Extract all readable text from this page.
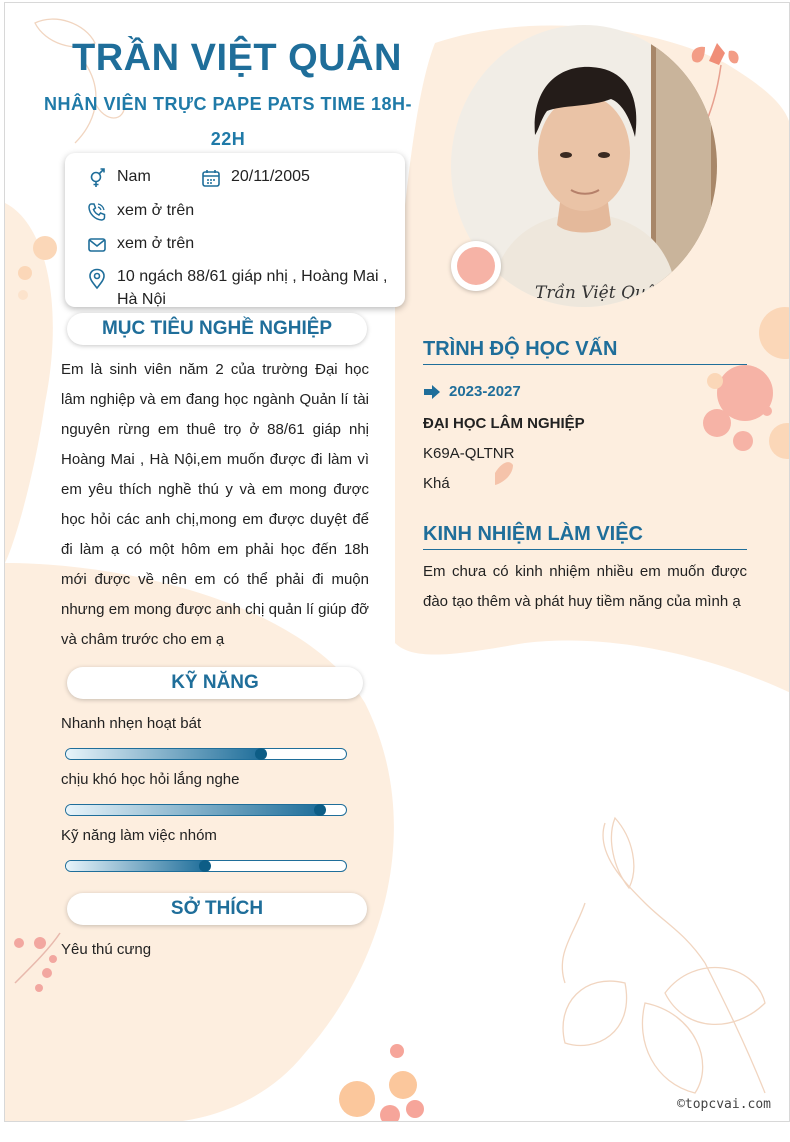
TRẦN VIỆT QUÂN
NHÂN VIÊN TRỰC PAPE PATS TIME 18H-22H
Nam	20/11/2005
xem ở trên
xem ở trên
10 ngách 88/61 giáp nhị , Hoàng Mai , Hà Nội	Trần Việt Quân
MỤC TIÊU NGHỀ NGHIỆP
Em là sinh viên năm 2 của trường Đại học lâm nghiệp và em đang học ngành Quản lí tài nguyên rừng em thuê trọ ở 88/61 giáp nhị Hoàng Mai , Hà Nội,em muốn được đi làm vì em yêu thích nghề thú y và em mong được học hỏi các anh chị,mong em được duyệt để đi làm ạ có một hôm em phải học đến 18h mới được về nên em có thể phải đi muộn nhưng em mong được anh chị quản lí giúp đỡ và châm trước cho em ạ
KỸ NĂNG
Nhanh nhẹn hoạt bát
chịu khó học hỏi lắng nghe
Kỹ năng làm việc nhóm
SỞ THÍCH
Yêu thú cưng
TRÌNH ĐỘ HỌC VẤN
2023-2027
ĐẠI HỌC LÂM NGHIỆP
K69A-QLTNR
Khá
KINH NHIỆM LÀM VIỆC
Em chưa có kinh nhiệm nhiều em muốn được đào tạo thêm và phát huy tiềm năng của mình ạ
©topcvai.com
